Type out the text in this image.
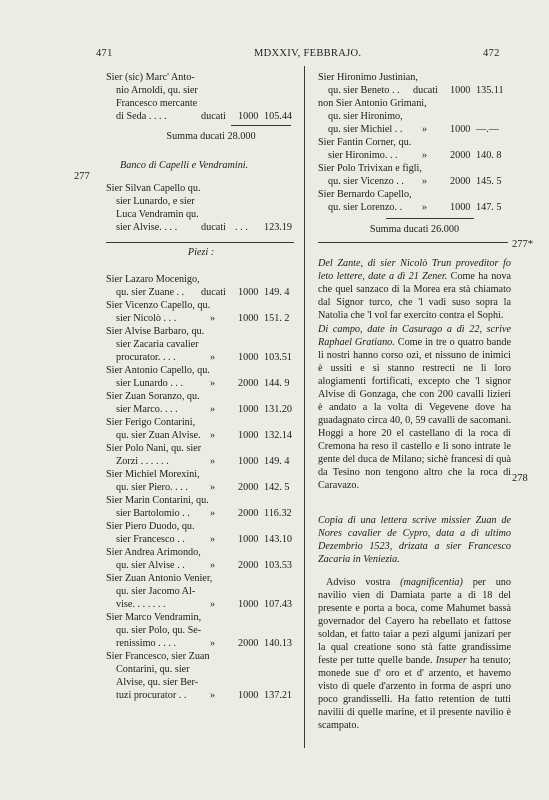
471	MDXXIV, FEBBRAJO.	472
Sier (sic) Marc' Anto-
nio Arnoldi, qu. sier
Francesco mercante
di Seda . . . .	ducati 1000 105.44
Summa ducati 28.000
Banco di Capelli e Vendramini.
Sier Silvan Capello qu.
sier Lunardo, e sier
Luca Vendramin qu.
sier Alvise. . . . ducati . . . 123.19
Piezi :
Sier Lazaro Mocenigo,
qu. sier Zuane . . ducati 1000 149. 4
Sier Vicenzo Capello, qu.
sier Nicolò . . .	» 1000 151. 2
Sier Alvise Barbaro, qu.
sier Zacaria cavalier
procurator. . . .	» 1000 103.51
Sier Antonio Capello, qu.
sier Lunardo . . .	» 2000 144. 9
Sier Zuan Soranzo, qu.
sier Marco. . . .	» 1000 131.20
Sier Ferigo Contarini,
qu. sier Zuan Alvise. » 1000 132.14
Sier Polo Nani, qu. sier
Zorzi . . . . . .	» 1000 149. 4
Sier Michiel Morexini,
qu. sier Piero. . . . » 2000 142. 5
Sier Marin Contarini, qu.
sier Bartolomio . . » 2000 116.32
Sier Piero Duodo, qu.
sier Francesco . . » 1000 143.10
Sier Andrea Arimondo,
qu. sier Alvise . . » 2000 103.53
Sier Zuan Antonio Venier,
qu. sier Jacomo Al-
vise. . . . . . .	» 1000 107.43
Sier Marco Vendramin,
qu. sier Polo, qu. Se-
renissimo . . . .	» 2000 140.13
Sier Francesco, sier Zuan
Contarini, qu. sier
Alvise, qu. sier Ber-
tuzi procurator . . » 1000 137.21
277
Sier Hironimo Justinian,
qu. sier Beneto . . ducati 1000 135.11
non Sier Antonio Grimani,
qu. sier Hironimo,
qu. sier Michiel . . » 1000 —.—
Sier Fantin Corner, qu.
sier Hironimo. . . » 2000 140. 8
Sier Polo Trivixan e figli,
qu. sier Vicenzo . . » 2000 145. 5
Sier Bernardo Capello,
qu. sier Lorenzo. . » 1000 147. 5
Summa ducati 26.000
Del Zante, di sier Nicolò Trun proveditor fo leto lettere, date a dì 21 Zener. Come ha nova che quel sanzaco di la Morea era stà chiamato dal Signor turco, che 'l vadi suso sopra la Natolia che 'l vol far exercito contra el Sophì.
Di campo, date in Casurago a dì 22, scrive Raphael Gratiano. Come in tre o quatro bande li nostri hanno corso ozi, et nissuno de inimici è ussiti e si stanno restrecti ne li loro alogiamenti fortificati, excepto che 'l signor Alvise di Gonzaga, che con 200 cavalli lizieri è andato a la volta di Vegevene dove ha guadagnato circa 40, 0, 59 cavalli de sacomani. Hoggi a hore 20 el castellano di la roca di Cremona ha reso il castello e li sono intrate le gente del duca de Milano; sichè francesi di quà da Tesino non tengono altro che la roca di Caravazo.
Copia di una lettera scrive missier Zuan de Nores cavalier de Cypro, data a dì ultimo Dezembrio 1523, drizata a sier Francesco Zacaria in Veniezia.
Adviso vostra (magnificentia) per uno navilio vien di Damiata parte a dì 18 del presente e porta a boca, come Mahumet bassà governador del Cayero ha rebellato et fattose soldan, et fatto taiar a pezi algumi janizari per la qual creatione sono stà fatte grandissime feste per tutte quelle bande. Insuper ha tenuto; monede sue d' oro et d' arzento, et havemo visto di quele d'arzento in forma de aspri uno poco grandisselli. Ha fatto retention de tutti navilii di quelle marine, et il presente navilio è scampato.
277*
278
